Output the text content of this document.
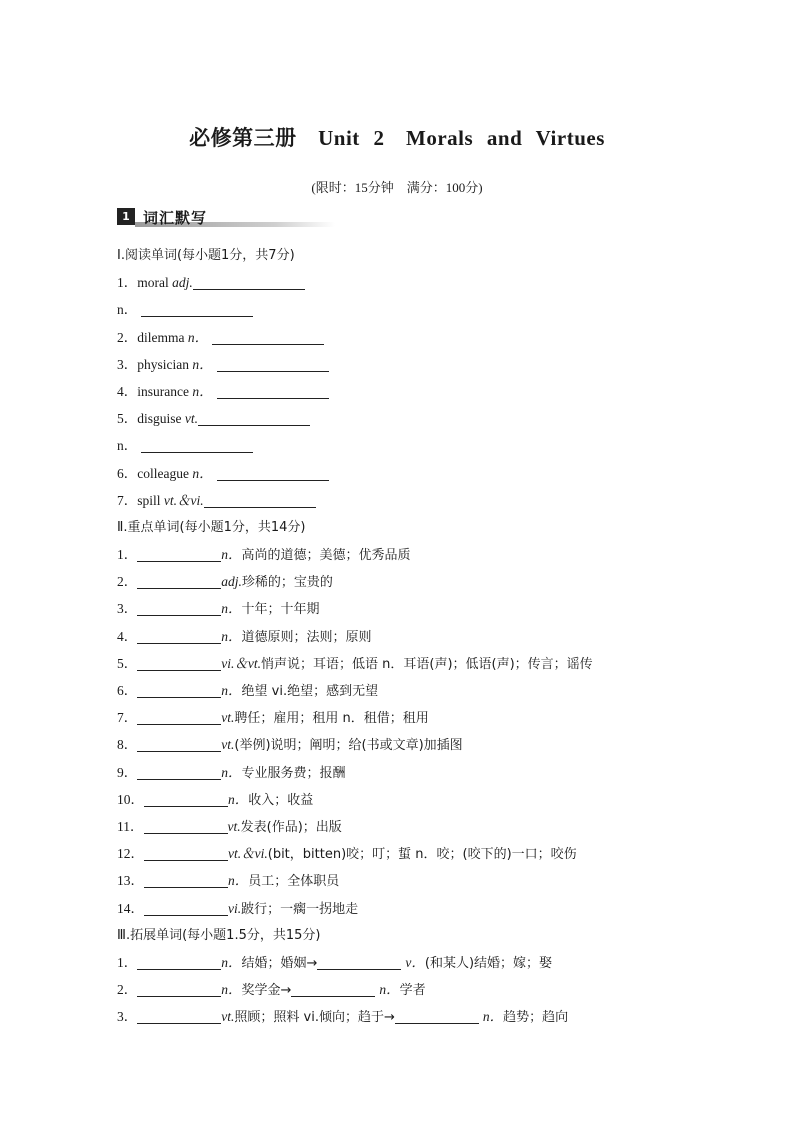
必修第三册　Unit 2　Morals and Virtues
(限时：15分钟　满分：100分)
1 词汇默写
Ⅰ.阅读单词(每小题1分，共7分)
1．moral adj.
n．
2．dilemma n．
3．physician n．
4．insurance n．
5．disguise vt.
n．
6．colleague n．
7．spill vt.＆vi.
Ⅱ.重点单词(每小题1分，共14分)
1．	n．高尚的道德；美德；优秀品质
2．	adj.珍稀的；宝贵的
3．	n．十年；十年期
4．	n．道德原则；法则；原则
5．	vi.＆vt.悄声说；耳语；低语 n．耳语(声)；低语(声)；传言；谣传
6．	n．绝望 vi.绝望；感到无望
7．	vt.聘任；雇用；租用 n．租借；租用
8．	vt.(举例)说明；阐明；给(书或文章)加插图
9．	n．专业服务费；报酬
10．	n．收入；收益
11．	vt.发表(作品)；出版
12．	vt.＆vi.(bit，bitten)咬；叮；蜇 n．咬；(咬下的)一口；咬伤
13．	n．员工；全体职员
14．	vi.跛行；一瘸一拐地走
Ⅲ.拓展单词(每小题1.5分，共15分)
1．	n．结婚；婚姻→	v．(和某人)结婚；嫁；娶
2．	n．奖学金→	n．学者
3．	vt.照顾；照料 vi.倾向；趋于→	n．趋势；趋向
